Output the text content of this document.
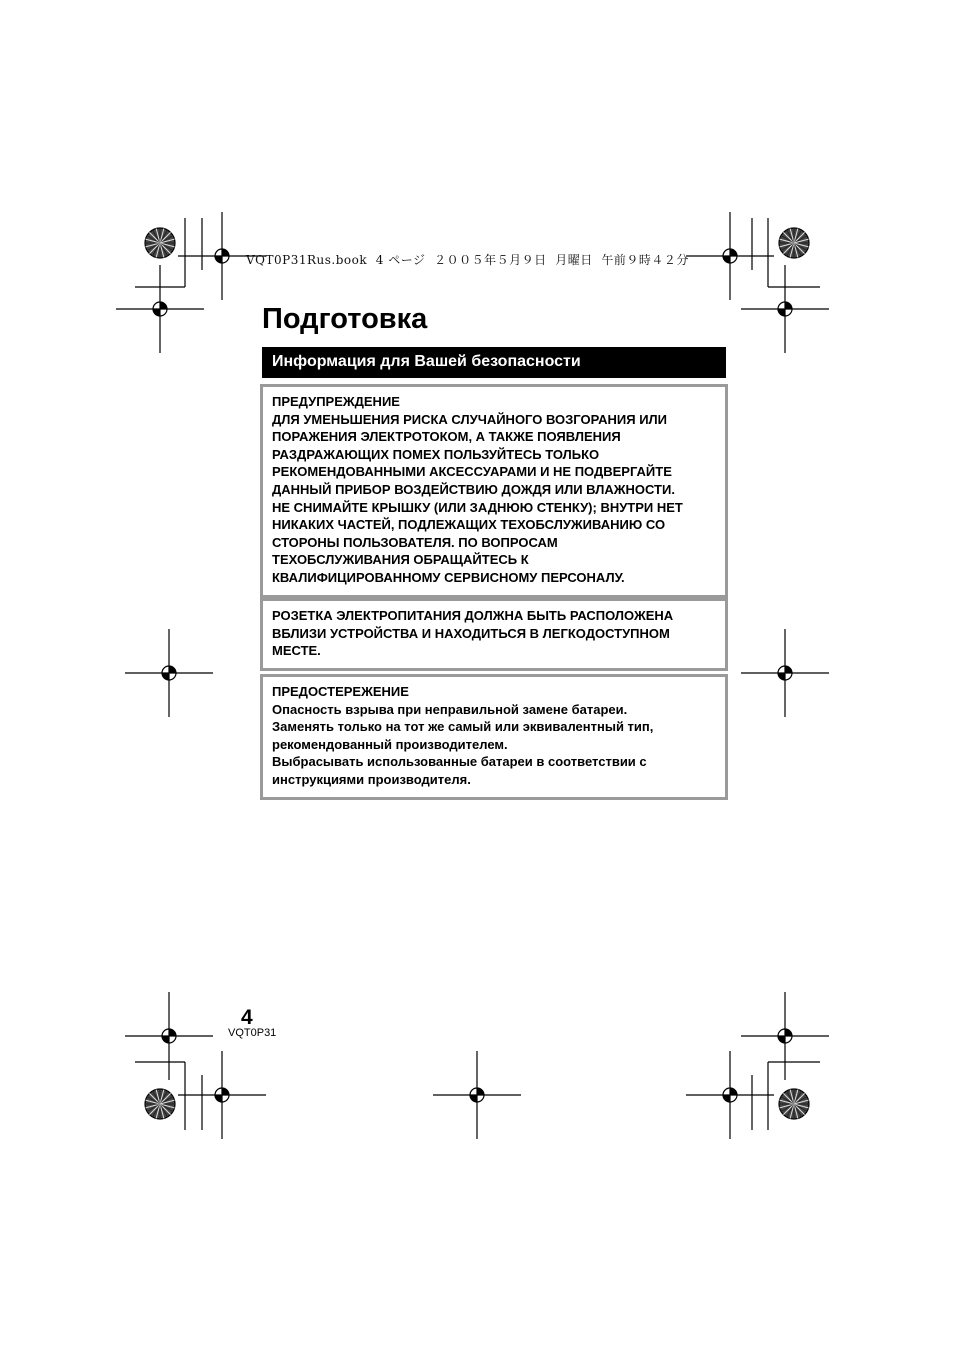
VQT0P31Rus.book  4 ページ  ２００５年５月９日  月曜日  午前９時４２分
Подготовка
Информация для Вашей безопасности

ПРЕДУПРЕЖДЕНИЕ
ДЛЯ УМЕНЬШЕНИЯ РИСКА СЛУЧАЙНОГО ВОЗГОРАНИЯ ИЛИ
ПОРАЖЕНИЯ ЭЛЕКТРОТОКОМ, А ТАКЖЕ ПОЯВЛЕНИЯ
РАЗДРАЖАЮЩИХ ПОМЕХ ПОЛЬЗУЙТЕСЬ ТОЛЬКО
РЕКОМЕНДОВАННЫМИ АКСЕССУАРАМИ И НЕ ПОДВЕРГАЙТЕ
ДАННЫЙ ПРИБОР ВОЗДЕЙСТВИЮ ДОЖДЯ ИЛИ ВЛАЖНОСТИ.
НЕ СНИМАЙТЕ КРЫШКУ (ИЛИ ЗАДНЮЮ СТЕНКУ); ВНУТРИ НЕТ
НИКАКИХ ЧАСТЕЙ, ПОДЛЕЖАЩИХ ТЕХОБСЛУЖИВАНИЮ СО
СТОРОНЫ ПОЛЬЗОВАТЕЛЯ. ПО ВОПРОСАМ
ТЕХОБСЛУЖИВАНИЯ ОБРАЩАЙТЕСЬ К
КВАЛИФИЦИРОВАННОМУ СЕРВИСНОМУ ПЕРСОНАЛУ.

РОЗЕТКА ЭЛЕКТРОПИТАНИЯ ДОЛЖНА БЫТЬ РАСПОЛОЖЕНА
ВБЛИЗИ УСТРОЙСТВА И НАХОДИТЬСЯ В ЛЕГКОДОСТУПНОМ
МЕСТЕ.

ПРЕДОСТЕРЕЖЕНИЕ
Опасность взрыва при неправильной замене батареи.
Заменять только на тот же самый или эквивалентный тип,
рекомендованный производителем.
Выбрасывать использованные батареи в соответствии с
инструкциями производителя.

4
VQT0P31
